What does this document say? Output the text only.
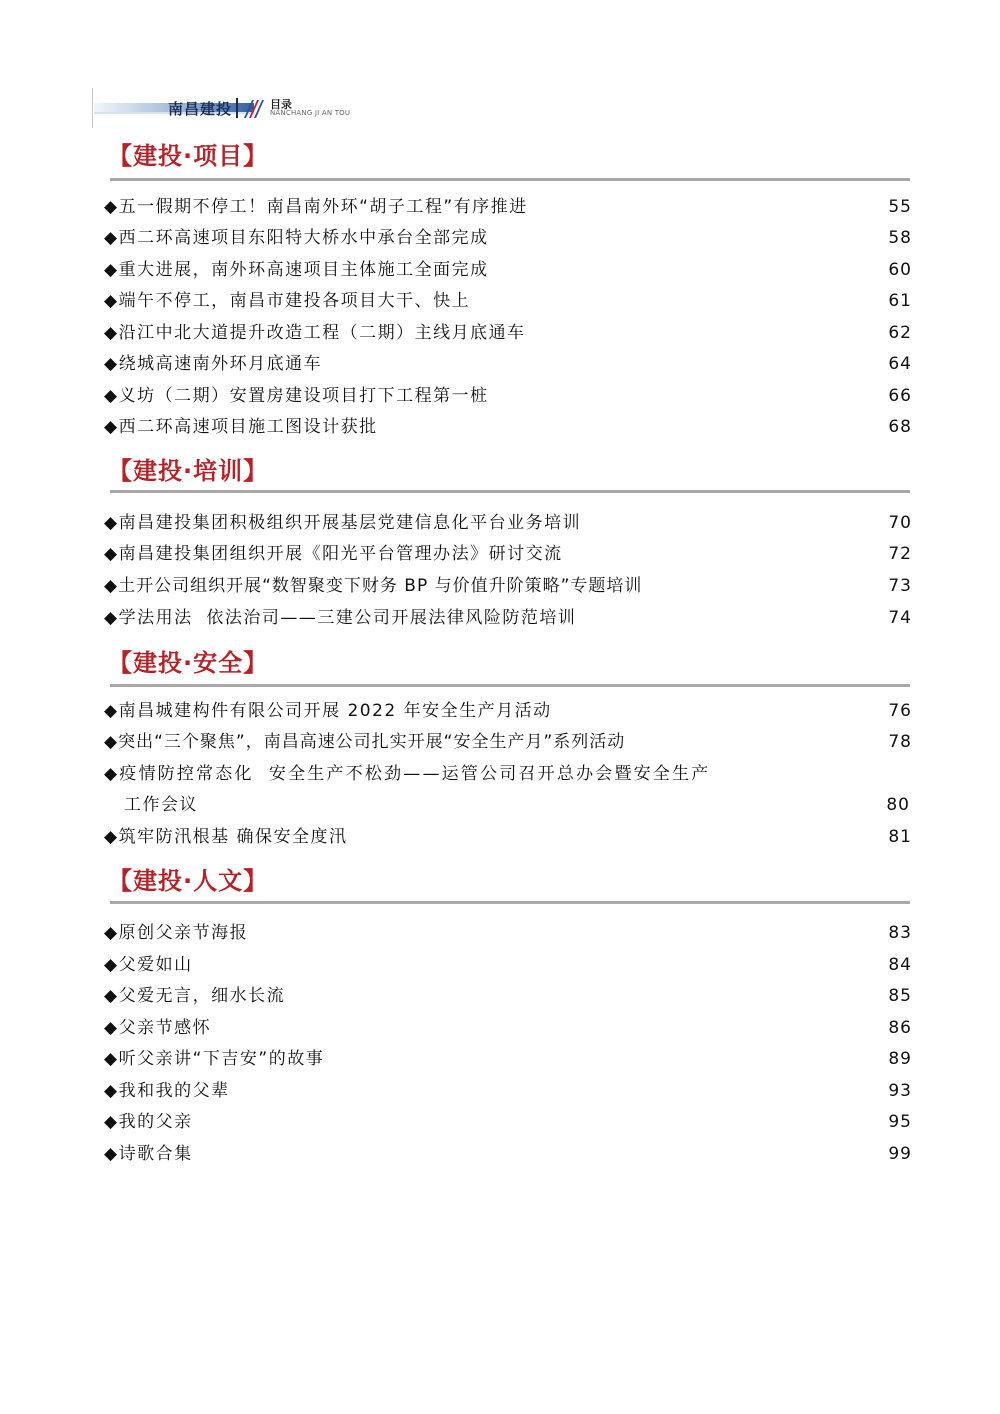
南昌建投	目录
NANCHANG JI AN TOU
【建投·项目】
◆五一假期不停工！南昌南外环“胡子工程”有序推进	55
◆西二环高速项目东阳特大桥水中承台全部完成	58
◆重大进展，南外环高速项目主体施工全面完成	60
◆端午不停工，南昌市建投各项目大干、快上	61
◆沿江中北大道提升改造工程（二期）主线月底通车	62
◆绕城高速南外环月底通车	64
◆义坊（二期）安置房建设项目打下工程第一桩	66
◆西二环高速项目施工图设计获批	68
【建投·培训】
◆南昌建投集团积极组织开展基层党建信息化平台业务培训	70
◆南昌建投集团组织开展《阳光平台管理办法》研讨交流	72
◆土开公司组织开展“数智聚变下财务 BP 与价值升阶策略”专题培训	73
◆学法用法  依法治司——三建公司开展法律风险防范培训	74
【建投·安全】
◆南昌城建构件有限公司开展 2022 年安全生产月活动	76
◆突出“三个聚焦”，南昌高速公司扎实开展“安全生产月”系列活动	78
◆疫情防控常态化  安全生产不松劲——运管公司召开总办会暨安全生产
工作会议	80
◆筑牢防汛根基 确保安全度汛	81
【建投·人文】
◆原创父亲节海报	83
◆父爱如山	84
◆父爱无言，细水长流	85
◆父亲节感怀	86
◆听父亲讲“下吉安”的故事	89
◆我和我的父辈	93
◆我的父亲	95
◆诗歌合集	99
